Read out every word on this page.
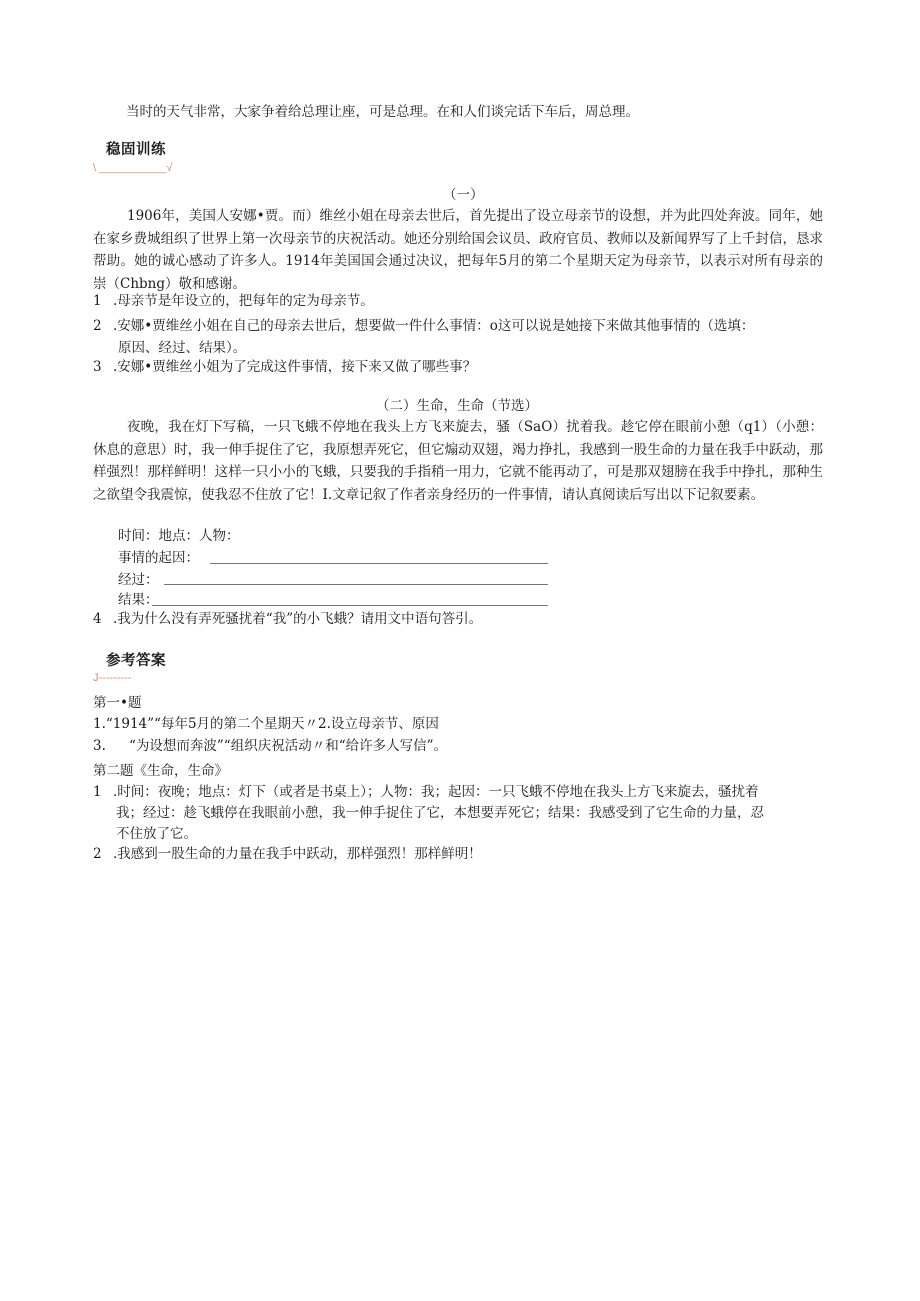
当时的天气非常，大家争着给总理让座，可是总理。在和人们谈完话下车后，周总理。
稳固训练
\ ___________√
（一）
1906年，美国人安娜•贾。而）维丝小姐在母亲去世后，首先提出了设立母亲节的设想，并为此四处奔波。同年，她在家乡费城组织了世界上第一次母亲节的庆祝活动。她还分别给国会议员、政府官员、教师以及新闻界写了上千封信，恳求帮助。她的诚心感动了许多人。1914年美国国会通过决议，把每年5月的第二个星期天定为母亲节，以表示对所有母亲的崇（Chbng）敬和感谢。
1 .母亲节是年设立的，把每年的定为母亲节。
2 .安娜•贾维丝小姐在自己的母亲去世后，想要做一件什么事情：o这可以说是她接下来做其他事情的（选填：
原因、经过、结果）。
3 .安娜•贾维丝小姐为了完成这件事情，接下来又做了哪些事？
（二）生命，生命（节选）
夜晚，我在灯下写稿，一只飞蛾不停地在我头上方飞来旋去，骚（SaO）扰着我。趁它停在眼前小憩（q1）（小憩：休息的意思）时，我一伸手捉住了它，我原想弄死它，但它煽动双翅，竭力挣扎，我感到一股生命的力量在我手中跃动，那样强烈！那样鲜明！这样一只小小的飞蛾，只要我的手指稍一用力，它就不能再动了，可是那双翅膀在我手中挣扎，那种生之欲望令我震惊，使我忍不住放了它！I.文章记叙了作者亲身经历的一件事情，请认真阅读后写出以下记叙要素。
时间：地点：人物：
事情的起因：
经过：
结果：
4 .我为什么没有弄死骚扰着“我”的小飞蛾？请用文中语句答引。
参考答案
J---------
第一•题
1.“1914”“每年5月的第二个星期天〃2.设立母亲节、原因
3. “为设想而奔波”“组织庆祝活动〃和“给许多人写信”。
第二题《生命，生命》
1 .时间：夜晚；地点：灯下（或者是书桌上）；人物：我；起因：一只飞蛾不停地在我头上方飞来旋去，骚扰着
我；经过：趁飞蛾停在我眼前小憩，我一伸手捉住了它，本想要弄死它；结果：我感受到了它生命的力量，忍
不住放了它。
2 .我感到一股生命的力量在我手中跃动，那样强烈！那样鲜明！
